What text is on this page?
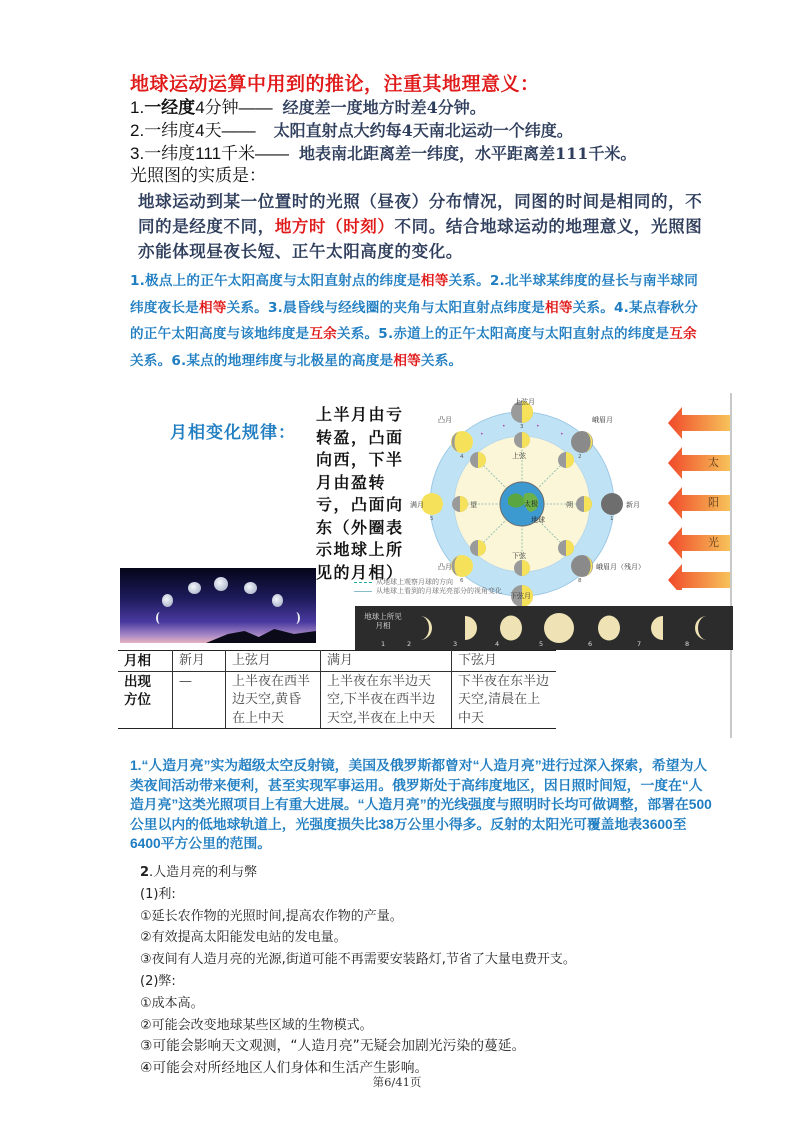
地球运动运算中用到的推论，注重其地理意义：
1.一经度4分钟—— 经度差一度地方时差4分钟。
2.一纬度4天—— 太阳直射点大约每4天南北运动一个纬度。
3.一纬度111千米—— 地表南北距离差一纬度，水平距离差111千米。
光照图的实质是：
地球运动到某一位置时的光照（昼夜）分布情况，同图的时间是相同的，不同的是经度不同，地方时（时刻）不同。结合地球运动的地理意义，光照图亦能体现昼夜长短、正午太阳高度的变化。
1.极点上的正午太阳高度与太阳直射点的纬度是相等关系。2.北半球某纬度的昼长与南半球同纬度夜长是相等关系。3.晨昏线与经线圈的夹角与太阳直射点纬度是相等关系。4.某点春秋分的正午太阳高度与该地纬度是互余关系。5.赤道上的正午太阳高度与太阳直射点的纬度是互余关系。6.某点的地理纬度与北极星的高度是相等关系。
月相变化规律：
上半月由亏转盈，凸面向西，下半月由盈转亏，凸面向东（外圈表示地球上所见的月相）
太极
地球
上弦
下弦
望	朔
•
•	•
•
上弦月
峨眉月
新月
峨眉月（残月）
凸月
满月
凸月
3
2
1
8
4
5
6
下弦月
从地球上观察月球的方向
从地球上看到的月球光亮部分的视角变化
太
阳
光
地球上所见月相
1	2	3	4	5	6	7	8
月相	新月	上弦月	满月	下弦月
出现
方位	—	上半夜在西半边天空,黄昏在上中天	上半夜在东半边天空,下半夜在西半边天空,半夜在上中天	下半夜在东半边天空,清晨在上中天
1.“人造月亮”实为超级太空反射镜，美国及俄罗斯都曾对“人造月亮”进行过深入探索，希望为人类夜间活动带来便利，甚至实现军事运用。俄罗斯处于高纬度地区，因日照时间短，一度在“人造月亮”这类光照项目上有重大进展。“人造月亮”的光线强度与照明时长均可做调整，部署在500公里以内的低地球轨道上，光强度损失比38万公里小得多。反射的太阳光可覆盖地表3600至6400平方公里的范围。
2.人造月亮的利与弊
(1)利:
①延长农作物的光照时间,提高农作物的产量。
②有效提高太阳能发电站的发电量。
③夜间有人造月亮的光源,街道可能不再需要安装路灯,节省了大量电费开支。
(2)弊:
①成本高。
②可能会改变地球某些区域的生物模式。
③可能会影响天文观测，“人造月亮”无疑会加剧光污染的蔓延。
④可能会对所经地区人们身体和生活产生影响。
第6/41页
